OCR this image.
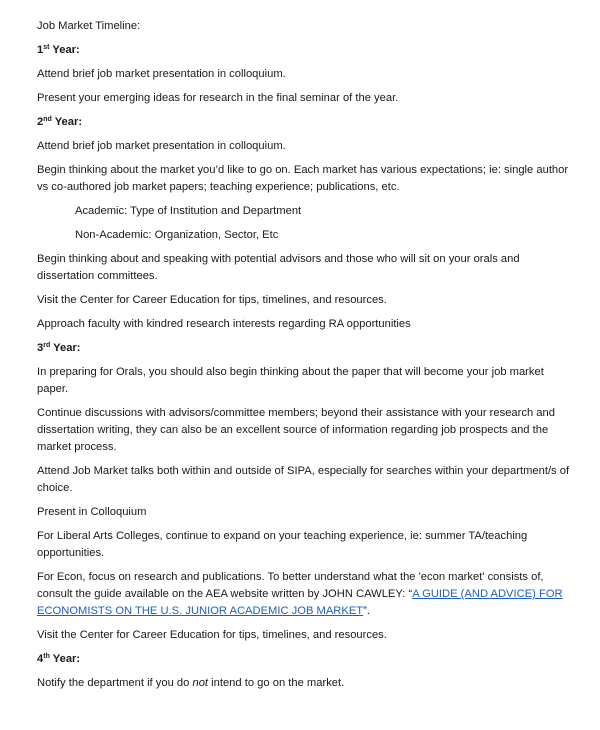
Job Market Timeline:

1st Year:

Attend brief job market presentation in colloquium.

Present your emerging ideas for research in the final seminar of the year.

2nd Year:

Attend brief job market presentation in colloquium.

Begin thinking about the market you’d like to go on. Each market has various expectations; ie: single author vs co-authored job market papers; teaching experience; publications, etc.

Academic: Type of Institution and Department

Non-Academic: Organization, Sector, Etc

Begin thinking about and speaking with potential advisors and those who will sit on your orals and dissertation committees.

Visit the Center for Career Education for tips, timelines, and resources.

Approach faculty with kindred research interests regarding RA opportunities

3rd Year:

In preparing for Orals, you should also begin thinking about the paper that will become your job market paper.

Continue discussions with advisors/committee members; beyond their assistance with your research and dissertation writing, they can also be an excellent source of information regarding job prospects and the market process.

Attend Job Market talks both within and outside of SIPA, especially for searches within your department/s of choice.

Present in Colloquium

For Liberal Arts Colleges, continue to expand on your teaching experience, ie: summer TA/teaching opportunities.

For Econ, focus on research and publications. To better understand what the 'econ market' consists of, consult the guide available on the AEA website written by JOHN CAWLEY: “A GUIDE (AND ADVICE) FOR ECONOMISTS ON THE U.S. JUNIOR ACADEMIC JOB MARKET”.

Visit the Center for Career Education for tips, timelines, and resources.

4th Year:

Notify the department if you do not intend to go on the market.
